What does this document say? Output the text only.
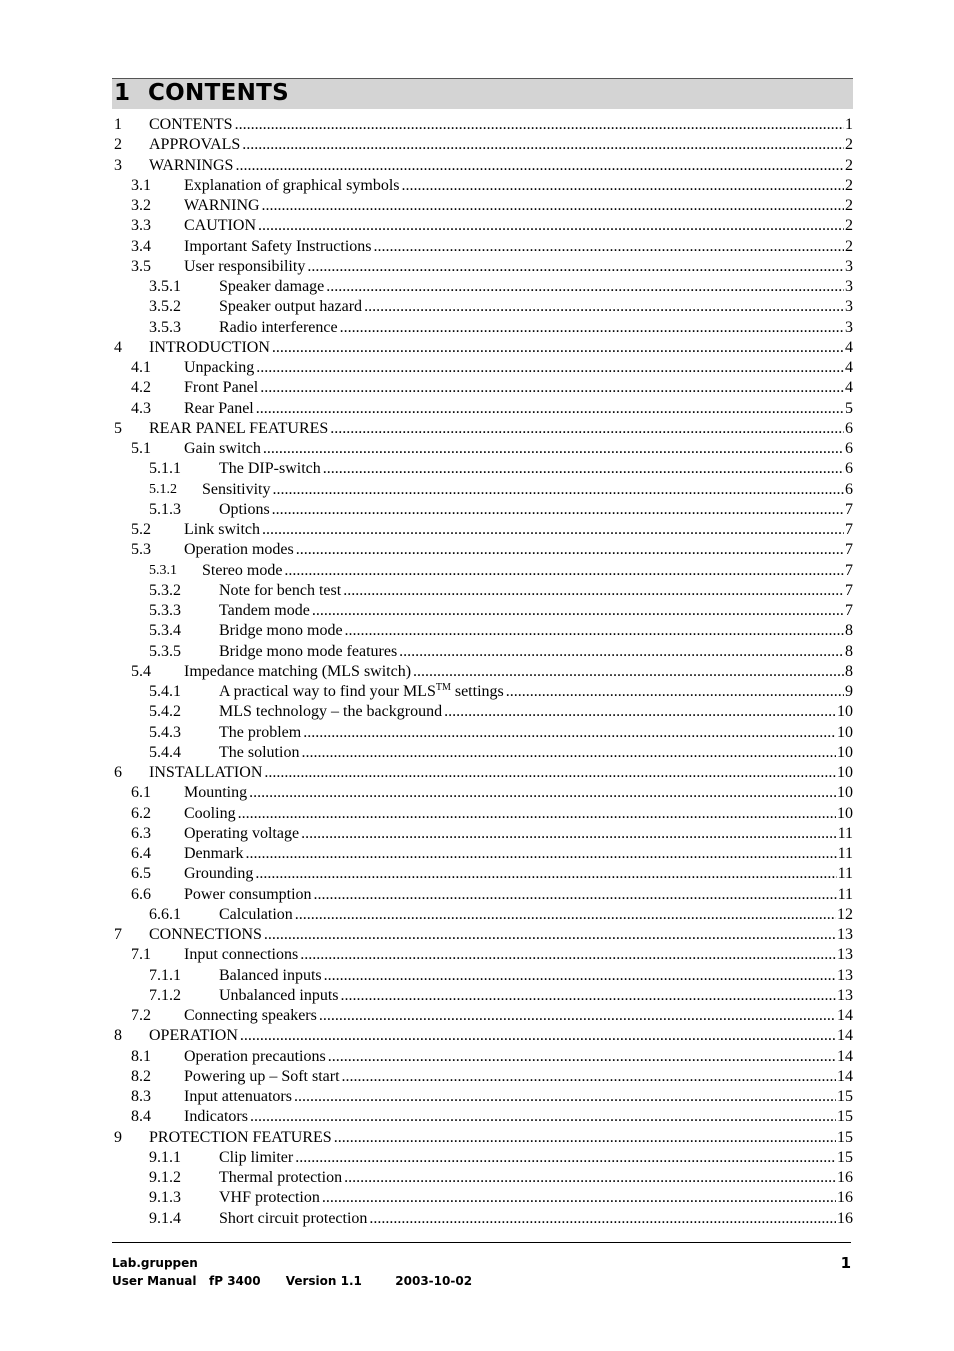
1 CONTENTS
1 CONTENTS .....	1
2 APPROVALS .....	2
3 WARNINGS .....	2
3.1 Explanation of graphical symbols .....	2
3.2 WARNING .....	2
3.3 CAUTION .....	2
3.4 Important Safety Instructions .....	2
3.5 User responsibility .....	3
3.5.1 Speaker damage .....	3
3.5.2 Speaker output hazard .....	3
3.5.3 Radio interference .....	3
4 INTRODUCTION .....	4
4.1 Unpacking .....	4
4.2 Front Panel .....	4
4.3 Rear Panel .....	5
5 REAR PANEL FEATURES .....	6
5.1 Gain switch .....	6
5.1.1 The DIP-switch .....	6
5.1.2 Sensitivity .....	6
5.1.3 Options .....	7
5.2 Link switch .....	7
5.3 Operation modes .....	7
5.3.1 Stereo mode .....	7
5.3.2 Note for bench test .....	7
5.3.3 Tandem mode .....	7
5.3.4 Bridge mono mode .....	8
5.3.5 Bridge mono mode features .....	8
5.4 Impedance matching (MLS switch) .....	8
5.4.1 A practical way to find your MLS™ settings .....	9
5.4.2 MLS technology – the background .....	10
5.4.3 The problem .....	10
5.4.4 The solution .....	10
6 INSTALLATION .....	10
6.1 Mounting .....	10
6.2 Cooling .....	10
6.3 Operating voltage .....	11
6.4 Denmark .....	11
6.5 Grounding .....	11
6.6 Power consumption .....	11
6.6.1 Calculation .....	12
7 CONNECTIONS .....	13
7.1 Input connections .....	13
7.1.1 Balanced inputs .....	13
7.1.2 Unbalanced inputs .....	13
7.2 Connecting speakers .....	14
8 OPERATION .....	14
8.1 Operation precautions .....	14
8.2 Powering up – Soft start .....	14
8.3 Input attenuators .....	15
8.4 Indicators .....	15
9 PROTECTION FEATURES .....	15
9.1.1 Clip limiter .....	15
9.1.2 Thermal protection .....	16
9.1.3 VHF protection .....	16
9.1.4 Short circuit protection .....	16
Lab.gruppen	1
User Manual fP 3400 Version 1.1	2003-10-02
